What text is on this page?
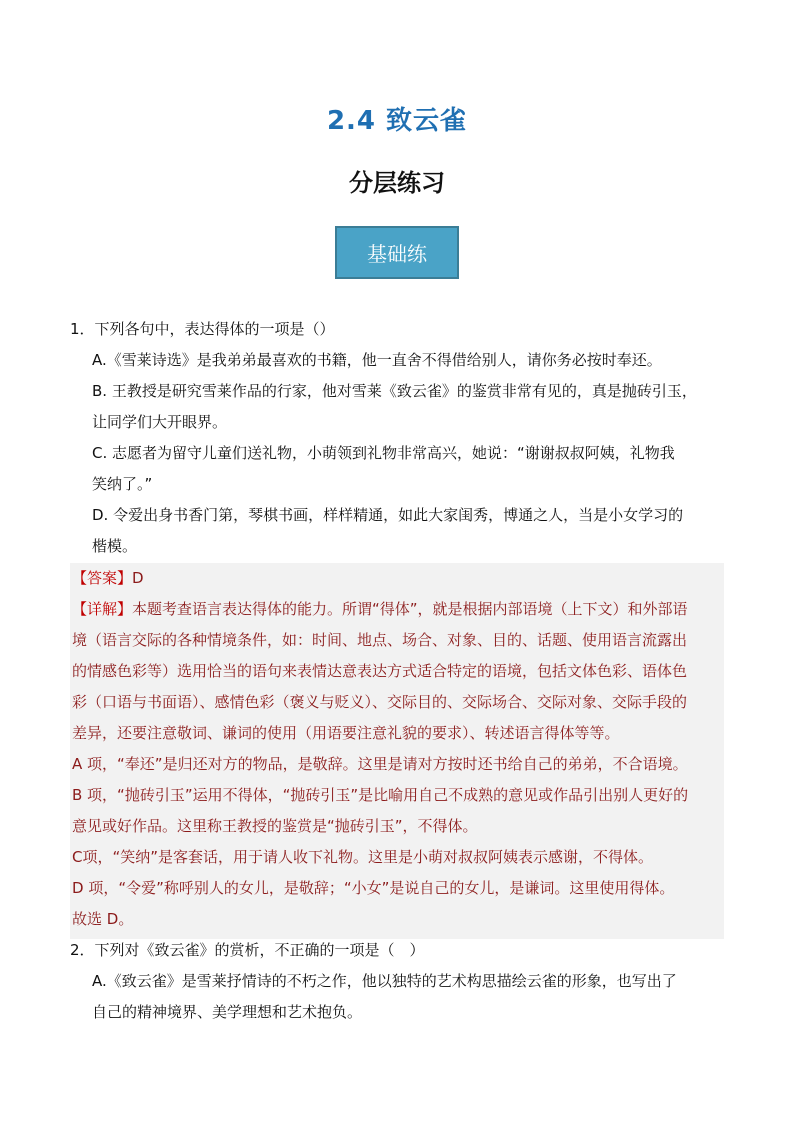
2.4 致云雀
分层练习
基础练
1．下列各句中，表达得体的一项是（）
A.《雪莱诗选》是我弟弟最喜欢的书籍，他一直舍不得借给别人，请你务必按时奉还。
B. 王教授是研究雪莱作品的行家，他对雪莱《致云雀》的鉴赏非常有见的，真是抛砖引玉，
让同学们大开眼界。
C. 志愿者为留守儿童们送礼物，小萌领到礼物非常高兴，她说：“谢谢叔叔阿姨，礼物我
笑纳了。”
D. 令爱出身书香门第，琴棋书画，样样精通，如此大家闺秀，博通之人，当是小女学习的
楷模。

【答案】D

【详解】本题考查语言表达得体的能力。所谓“得体”，就是根据内部语境（上下文）和外部语

境（语言交际的各种情境条件，如：时间、地点、场合、对象、目的、话题、使用语言流露出

的情感色彩等）选用恰当的语句来表情达意表达方式适合特定的语境，包括文体色彩、语体色

彩（口语与书面语）、感情色彩（褒义与贬义）、交际目的、交际场合、交际对象、交际手段的

差异，还要注意敬词、谦词的使用（用语要注意礼貌的要求）、转述语言得体等等。

A 项，“奉还”是归还对方的物品，是敬辞。这里是请对方按时还书给自己的弟弟，不合语境。

B 项，“抛砖引玉”运用不得体，“抛砖引玉”是比喻用自己不成熟的意见或作品引出别人更好的

意见或好作品。这里称王教授的鉴赏是“抛砖引玉”，不得体。

C项，“笑纳”是客套话，用于请人收下礼物。这里是小萌对叔叔阿姨表示感谢，不得体。

D 项，“令爱”称呼别人的女儿，是敬辞；“小女”是说自己的女儿，是谦词。这里使用得体。

故选 D。

2．下列对《致云雀》的赏析，不正确的一项是（　）
A.《致云雀》是雪莱抒情诗的不朽之作，他以独特的艺术构思描绘云雀的形象，也写出了
自己的精神境界、美学理想和艺术抱负。
